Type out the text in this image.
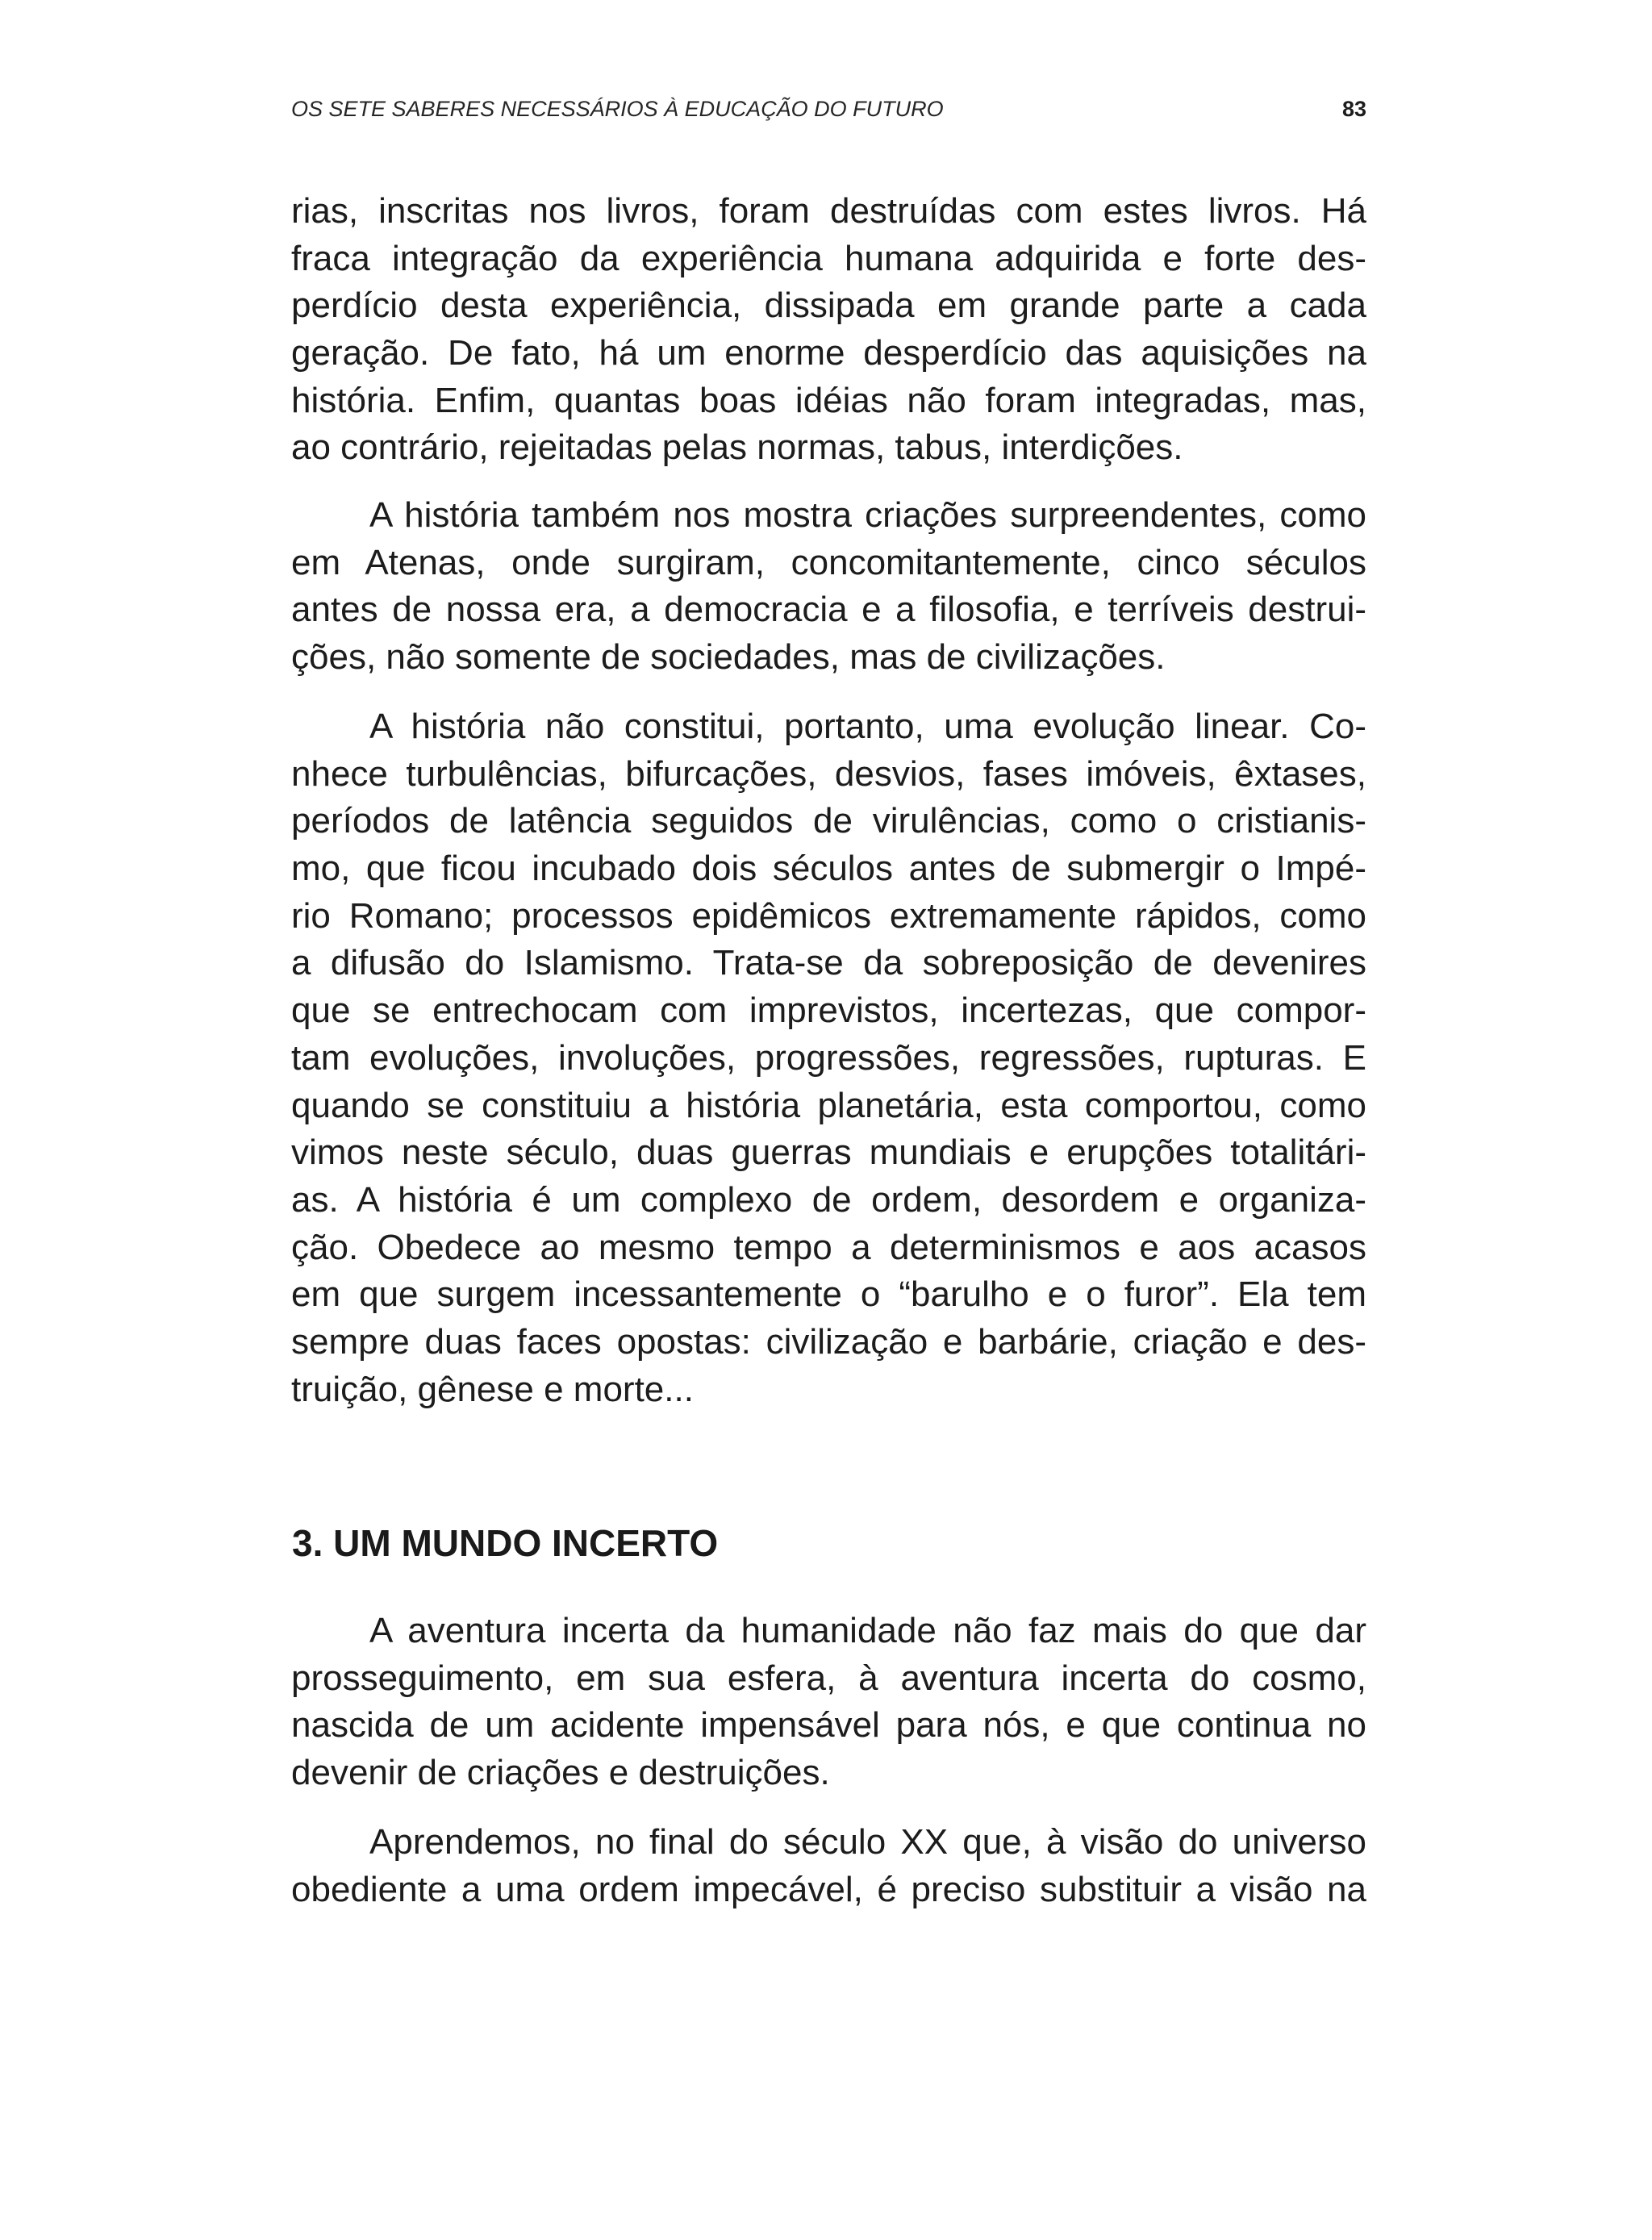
OS SETE SABERES NECESSÁRIOS À EDUCAÇÃO DO FUTURO	83
rias, inscritas nos livros, foram destruídas com estes livros. Há
fraca integração da experiência humana adquirida e forte des-
perdício desta experiência, dissipada em grande parte a cada
geração. De fato, há um enorme desperdício das aquisições na
história. Enfim, quantas boas idéias não foram integradas, mas,
ao contrário, rejeitadas pelas normas, tabus, interdições.
A história também nos mostra criações surpreendentes, como
em Atenas, onde surgiram, concomitantemente, cinco séculos
antes de nossa era, a democracia e a filosofia, e terríveis destrui-
ções, não somente de sociedades, mas de civilizações.
A história não constitui, portanto, uma evolução linear. Co-
nhece turbulências, bifurcações, desvios, fases imóveis, êxtases,
períodos de latência seguidos de virulências, como o cristianis-
mo, que ficou incubado dois séculos antes de submergir o Impé-
rio Romano; processos epidêmicos extremamente rápidos, como
a difusão do Islamismo. Trata-se da sobreposição de devenires
que se entrechocam com imprevistos, incertezas, que compor-
tam evoluções, involuções, progressões, regressões, rupturas. E
quando se constituiu a história planetária, esta comportou, como
vimos neste século, duas guerras mundiais e erupções totalitári-
as. A história é um complexo de ordem, desordem e organiza-
ção. Obedece ao mesmo tempo a determinismos e aos acasos
em que surgem incessantemente o “barulho e o furor”. Ela tem
sempre duas faces opostas: civilização e barbárie, criação e des-
truição, gênese e morte...
3. UM MUNDO INCERTO
A aventura incerta da humanidade não faz mais do que dar
prosseguimento, em sua esfera, à aventura incerta do cosmo,
nascida de um acidente impensável para nós, e que continua no
devenir de criações e destruições.
Aprendemos, no final do século XX que, à visão do universo
obediente a uma ordem impecável, é preciso substituir a visão na
